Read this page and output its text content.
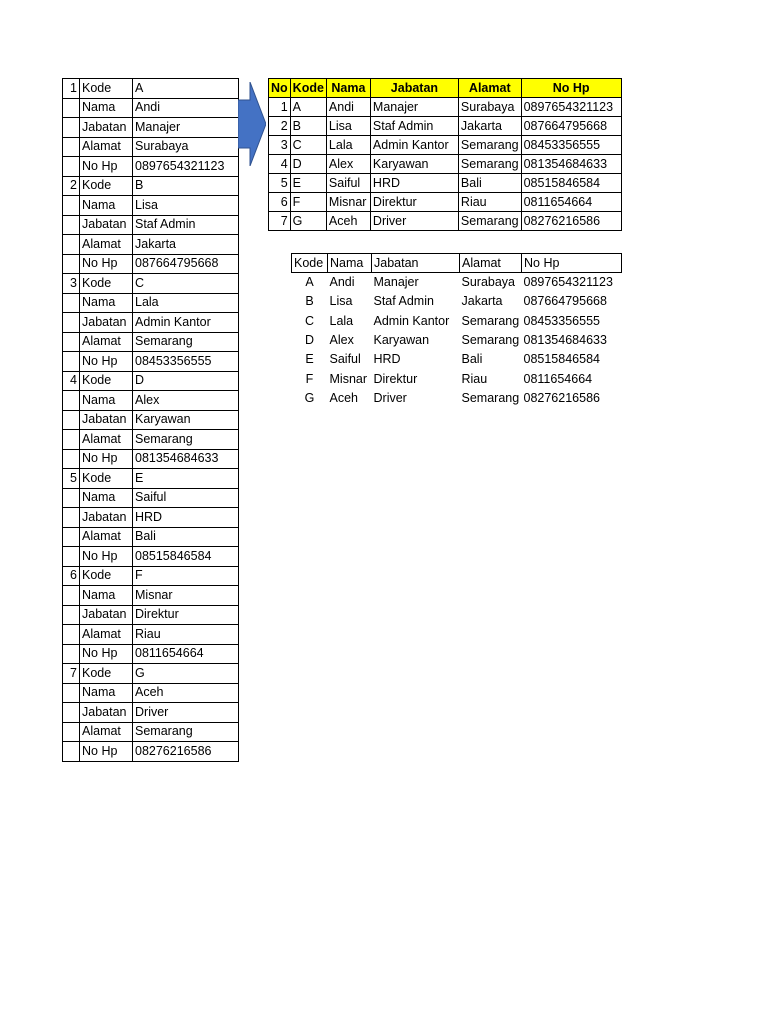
1	Kode	A
	Nama	Andi
	Jabatan	Manajer
	Alamat	Surabaya
	No Hp	0897654321123
2	Kode	B
	Nama	Lisa
	Jabatan	Staf Admin
	Alamat	Jakarta
	No Hp	087664795668
3	Kode	C
	Nama	Lala
	Jabatan	Admin Kantor
	Alamat	Semarang
	No Hp	08453356555
4	Kode	D
	Nama	Alex
	Jabatan	Karyawan
	Alamat	Semarang
	No Hp	081354684633
5	Kode	E
	Nama	Saiful
	Jabatan	HRD
	Alamat	Bali
	No Hp	08515846584
6	Kode	F
	Nama	Misnar
	Jabatan	Direktur
	Alamat	Riau
	No Hp	0811654664
7	Kode	G
	Nama	Aceh
	Jabatan	Driver
	Alamat	Semarang
	No Hp	08276216586
No	Kode	Nama	Jabatan	Alamat	No Hp
1	A	Andi	Manajer	Surabaya	0897654321123
2	B	Lisa	Staf Admin	Jakarta	087664795668
3	C	Lala	Admin Kantor	Semarang	08453356555
4	D	Alex	Karyawan	Semarang	081354684633
5	E	Saiful	HRD	Bali	08515846584
6	F	Misnar	Direktur	Riau	0811654664
7	G	Aceh	Driver	Semarang	08276216586
Kode	Nama	Jabatan	Alamat	No Hp
A	Andi	Manajer	Surabaya	0897654321123
B	Lisa	Staf Admin	Jakarta	087664795668
C	Lala	Admin Kantor	Semarang	08453356555
D	Alex	Karyawan	Semarang	081354684633
E	Saiful	HRD	Bali	08515846584
F	Misnar	Direktur	Riau	0811654664
G	Aceh	Driver	Semarang	08276216586
